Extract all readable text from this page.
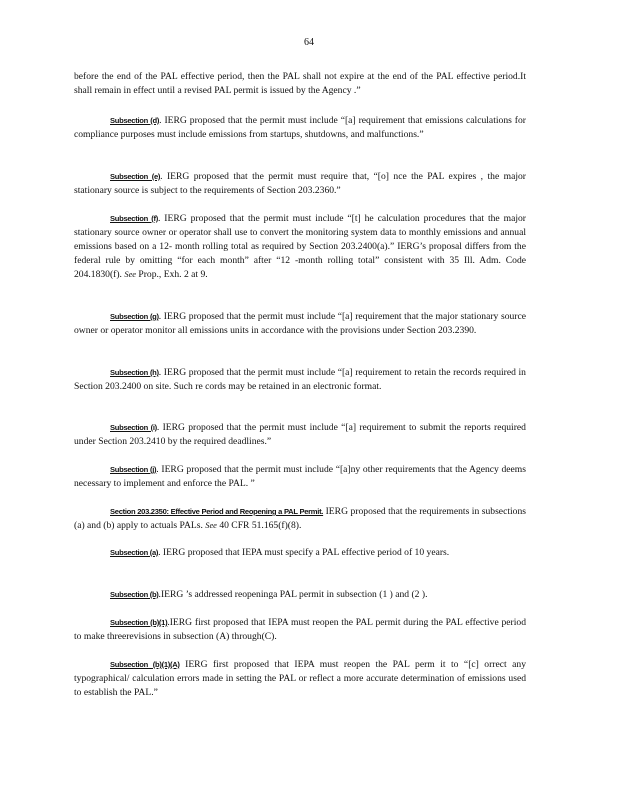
64

before the end of the PAL effective period, then the PAL shall not expire at the end of the PAL effective period.It shall remain in effect until a revised PAL permit is issued by the Agency .”

Subsection (d). IERG proposed that the permit must include “[a] requirement that emissions calculations for compliance purposes must include emissions from startups, shutdowns, and malfunctions.”

Subsection (e). IERG proposed that the permit must require that, “[o] nce the PAL expires , the major stationary source is subject to the requirements of Section 203.2360.”

Subsection (f). IERG proposed that the permit must include “[t] he calculation procedures that the major stationary source owner or operator shall use to convert the monitoring system data to monthly emissions and annual emissions based on a 12- month rolling total as required by Section 203.2400(a).” IERG’s proposal differs from the federal rule by omitting “for each month” after “12 -month rolling total” consistent with 35 Ill. Adm. Code 204.1830(f). See Prop., Exh. 2 at 9.

Subsection (g). IERG proposed that the permit must include “[a] requirement that the major stationary source owner or operator monitor all emissions units in accordance with the provisions under Section 203.2390.

Subsection (h). IERG proposed that the permit must include “[a] requirement to retain the records required in Section 203.2400 on site. Such re cords may be retained in an electronic format.

Subsection (i). IERG proposed that the permit must include “[a] requirement to submit the reports required under Section 203.2410 by the required deadlines.”

Subsection (j). IERG proposed that the permit must include “[a]ny other requirements that the Agency deems necessary to implement and enforce the PAL. ”

Section 203.2350: Effective Period and Reopening a PAL Permit. IERG proposed that the requirements in subsections (a) and (b) apply to actuals PALs. See 40 CFR 51.165(f)(8).

Subsection (a). IERG proposed that IEPA must specify a PAL effective period of 10 years.

Subsection (b).IERG ’s addressed reopeninga PAL permit in subsection (1 ) and (2 ).

Subsection (b)(1).IERG first proposed that IEPA must reopen the PAL permit during the PAL effective period to make threerevisions in subsection (A) through(C).

Subsection (b)(1)(A) IERG first proposed that IEPA must reopen the PAL perm it to “[c] orrect any typographical/ calculation errors made in setting the PAL or reflect a more accurate determination of emissions used to establish the PAL.”
